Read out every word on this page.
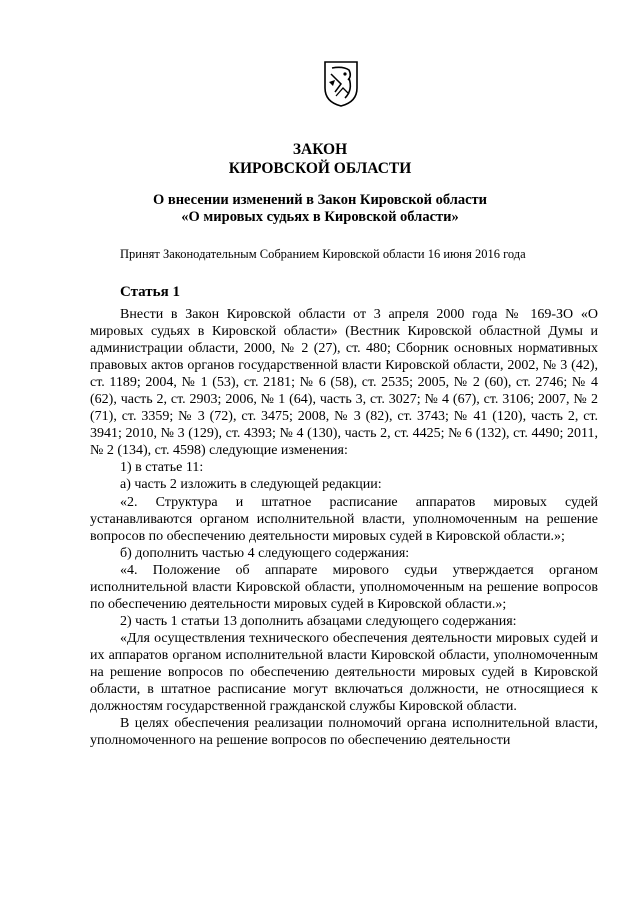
ЗАКОН
КИРОВСКОЙ ОБЛАСТИ
О внесении изменений в Закон Кировской области
«О мировых судьях в Кировской области»
Принят Законодательным Собранием Кировской области 16 июня 2016 года
Статья 1

Внести в Закон Кировской области от 3 апреля 2000 года № 169-ЗО «О мировых судьях в Кировской области» (Вестник Кировской областной Думы и администрации области, 2000, № 2 (27), ст. 480; Сборник основных нормативных правовых актов органов государственной власти Кировской области, 2002, № 3 (42), ст. 1189; 2004, № 1 (53), ст. 2181; № 6 (58), ст. 2535; 2005, № 2 (60), ст. 2746; № 4 (62), часть 2, ст. 2903; 2006, № 1 (64), часть 3, ст. 3027; № 4 (67), ст. 3106; 2007, № 2 (71), ст. 3359; № 3 (72), ст. 3475; 2008, № 3 (82), ст. 3743; № 41 (120), часть 2, ст. 3941; 2010, № 3 (129), ст. 4393; № 4 (130), часть 2, ст. 4425; № 6 (132), ст. 4490; 2011, № 2 (134), ст. 4598) следующие изменения:

1) в статье 11:

а) часть 2 изложить в следующей редакции:

«2. Структура и штатное расписание аппаратов мировых судей устанавливаются органом исполнительной власти, уполномоченным на решение вопросов по обеспечению деятельности мировых судей в Кировской области.»;

б) дополнить частью 4 следующего содержания:

«4. Положение об аппарате мирового судьи утверждается органом исполнительной власти Кировской области, уполномоченным на решение вопросов по обеспечению деятельности мировых судей в Кировской области.»;

2) часть 1 статьи 13 дополнить абзацами следующего содержания:

«Для осуществления технического обеспечения деятельности мировых судей и их аппаратов органом исполнительной власти Кировской области, уполномоченным на решение вопросов по обеспечению деятельности мировых судей в Кировской области, в штатное расписание могут включаться должности, не относящиеся к должностям государственной гражданской службы Кировской области.

В целях обеспечения реализации полномочий органа исполнительной власти, уполномоченного на решение вопросов по обеспечению деятельности
